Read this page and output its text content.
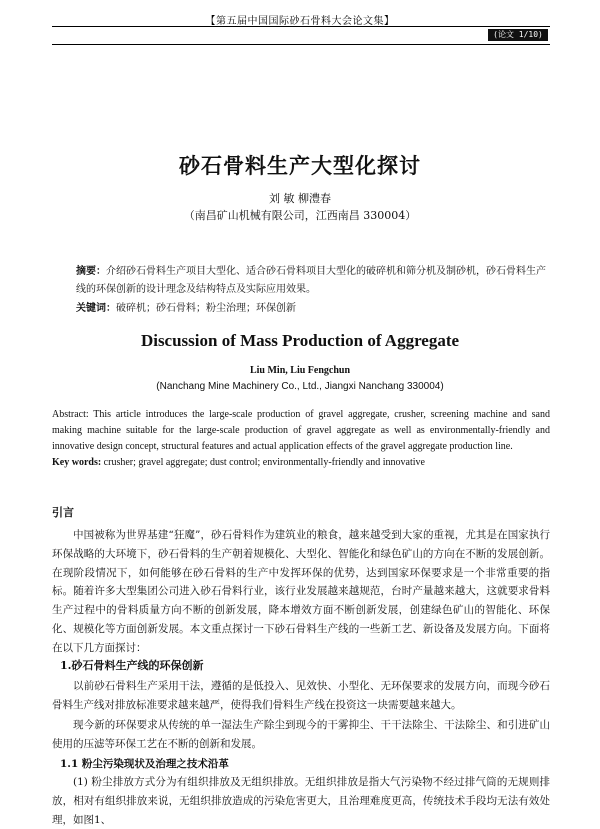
【第五届中国国际砂石骨料大会论文集】
(论文 1/10)
砂石骨料生产大型化探讨
刘 敏 柳澧春
（南昌矿山机械有限公司，江西南昌 330004）
摘要：介绍砂石骨料生产项目大型化、适合砂石骨料项目大型化的破碎机和筛分机及制砂机，砂石骨料生产线的环保创新的设计理念及结构特点及实际应用效果。
关键词：破碎机；砂石骨料；粉尘治理；环保创新
Discussion of Mass Production of Aggregate
Liu Min, Liu Fengchun
(Nanchang Mine Machinery Co., Ltd., Jiangxi Nanchang 330004)
Abstract: This article introduces the large-scale production of gravel aggregate, crusher, screening machine and sand making machine suitable for the large-scale production of gravel aggregate as well as environmentally-friendly and innovative design concept, structural features and actual application effects of the gravel aggregate production line.
Key words: crusher; gravel aggregate; dust control; environmentally-friendly and innovative
引言

中国被称为世界基建“狂魔”，砂石骨料作为建筑业的粮食，越来越受到大家的重视，尤其是在国家执行环保战略的大环境下，砂石骨料的生产朝着规模化、大型化、智能化和绿色矿山的方向在不断的发展创新。在现阶段情况下，如何能够在砂石骨料的生产中发挥环保的优势，达到国家环保要求是一个非常重要的指标。随着许多大型集团公司进入砂石骨料行业，该行业发展越来越规范，台时产量越来越大，这就要求骨料生产过程中的骨料质量方向不断的创新发展，降本增效方面不断创新发展，创建绿色矿山的智能化、环保化、规模化等方面创新发展。本文重点探讨一下砂石骨料生产线的一些新工艺、新设备及发展方向。下面将在以下几方面探讨：

1.砂石骨料生产线的环保创新

以前砂石骨料生产采用干法，遵循的是低投入、见效快、小型化、无环保要求的发展方向，而现今砂石骨料生产线对排放标准要求越来越严，使得我们骨料生产线在投资这一块需要越来越大。

现今新的环保要求从传统的单一湿法生产除尘到现今的干雾抑尘、干干法除尘、干法除尘、和引进矿山使用的压滤等环保工艺在不断的创新和发展。

1.1 粉尘污染现状及治理之技术沿革

(1) 粉尘排放方式分为有组织排放及无组织排放。无组织排放是指大气污染物不经过排气筒的无规则排放，相对有组织排放来说，无组织排放造成的污染危害更大，且治理难度更高，传统技术手段均无法有效处理，如图1、
